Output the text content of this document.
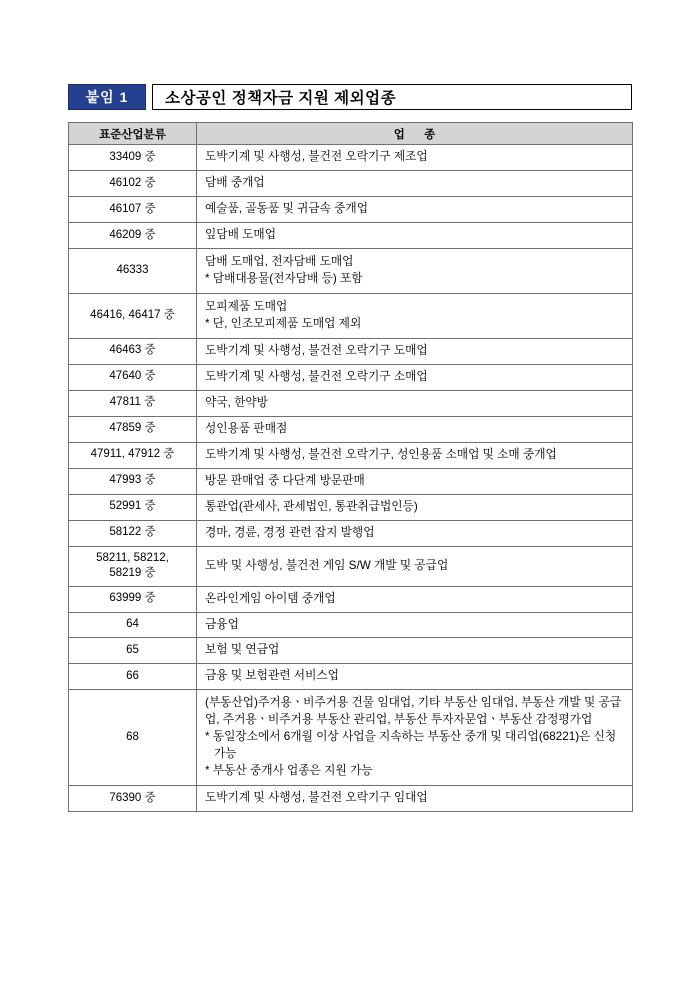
붙임 1	소상공인 정책자금 지원 제외업종
표준산업분류	업 종
33409 중	도박기계 및 사행성, 불건전 오락기구 제조업

46102 중	담배 중개업

46107 중	예술품, 골동품 및 귀금속 중개업

46209 중	잎담배 도매업

46333	담배 도매업, 전자담배 도매업
* 담배대용물(전자담배 등) 포함

46416, 46417 중	모피제품 도매업
* 단, 인조모피제품 도매업 제외

46463 중	도박기계 및 사행성, 불건전 오락기구 도매업

47640 중	도박기계 및 사행성, 불건전 오락기구 소매업

47811 중	약국, 한약방

47859 중	성인용품 판매점

47911, 47912 중	도박기계 및 사행성, 불건전 오락기구, 성인용품 소매업 및 소매 중개업

47993 중	방문 판매업 중 다단계 방문판매

52991 중	통관업(관세사, 관세법인, 통관취급법인등)

58122 중	경마, 경륜, 경정 관련 잡지 발행업

58211, 58212,
58219 중	도박 및 사행성, 불건전 게임 S/W 개발 및 공급업

63999 중	온라인게임 아이템 중개업

64	금융업

65	보험 및 연금업

66	금융 및 보험관련 서비스업

68	(부동산업)주거용ㆍ비주거용 건물 임대업, 기타 부동산 임대업, 부동산 개발 및 공급업, 주거용ㆍ비주거용 부동산 관리업, 부동산 투자자문업ㆍ부동산 감정평가업
* 동일장소에서 6개월 이상 사업을 지속하는 부동산 중개 및 대리업(68221)은 신청 가능
* 부동산 중개사 업종은 지원 가능

76390 중	도박기계 및 사행성, 불건전 오락기구 임대업
